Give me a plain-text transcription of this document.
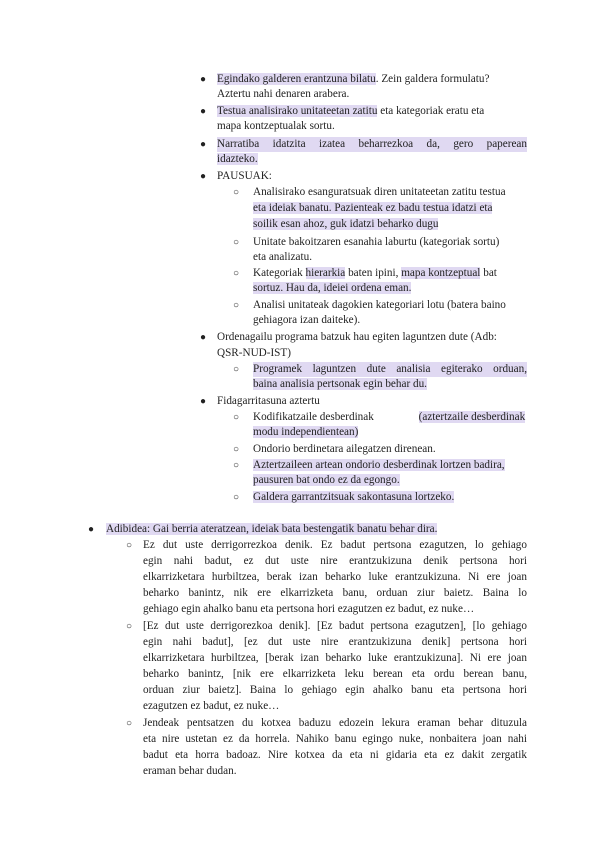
● Egindako galderen erantzuna bilatu. Zein galdera formulatu?
Aztertu nahi denaren arabera.
● Testua analisirako unitateetan zatitu eta kategoriak eratu eta
mapa kontzeptualak sortu.
● Narratiba idatzita izatea beharrezkoa da, gero paperean
idazteko.
● PAUSUAK:
○ Analisirako esanguratsuak diren unitateetan zatitu testua
eta ideiak banatu. Pazienteak ez badu testua idatzi eta
soilik esan ahoz, guk idatzi beharko dugu
○ Unitate bakoitzaren esanahia laburtu (kategoriak sortu)
eta analizatu.
○ Kategoriak hierarkia baten ipini, mapa kontzeptual bat
sortuz. Hau da, ideiei ordena eman.
○ Analisi unitateak dagokien kategoriari lotu (batera baino
gehiagora izan daiteke).
● Ordenagailu programa batzuk hau egiten laguntzen dute (Adb:
QSR-NUD-IST)
○ Programek laguntzen dute analisia egiterako orduan,
baina analisia pertsonak egin behar du.
● Fidagarritasuna aztertu
○ Kodifikatzaile desberdinak	(aztertzaile desberdinak
modu independientean)
○ Ondorio berdinetara ailegatzen direnean.
○ Aztertzaileen artean ondorio desberdinak lortzen badira,
pausuren bat ondo ez da egongo.
○ Galdera garrantzitsuak sakontasuna lortzeko.
● Adibidea: Gai berria ateratzean, ideiak bata bestengatik banatu behar dira.
○ Ez dut uste derrigorrezkoa denik. Ez badut pertsona ezagutzen, lo gehiago
egin nahi badut, ez dut uste nire erantzukizuna denik pertsona hori
elkarrizketara hurbiltzea, berak izan beharko luke erantzukizuna. Ni ere joan
beharko banintz, nik ere elkarrizketa banu, orduan ziur baietz. Baina lo
gehiago egin ahalko banu eta pertsona hori ezagutzen ez badut, ez nuke…
○ [Ez dut uste derrigorezkoa denik]. [Ez badut pertsona ezagutzen], [lo gehiago
egin nahi badut], [ez dut uste nire erantzukizuna denik] pertsona hori
elkarrizketara hurbiltzea, [berak izan beharko luke erantzukizuna]. Ni ere joan
beharko banintz, [nik ere elkarrizketa leku berean eta ordu berean banu,
orduan ziur baietz]. Baina lo gehiago egin ahalko banu eta pertsona hori
ezagutzen ez badut, ez nuke…
○ Jendeak pentsatzen du kotxea baduzu edozein lekura eraman behar dituzula
eta nire ustetan ez da horrela. Nahiko banu egingo nuke, nonbaitera joan nahi
badut eta horra badoaz. Nire kotxea da eta ni gidaria eta ez dakit zergatik
eraman behar dudan.
